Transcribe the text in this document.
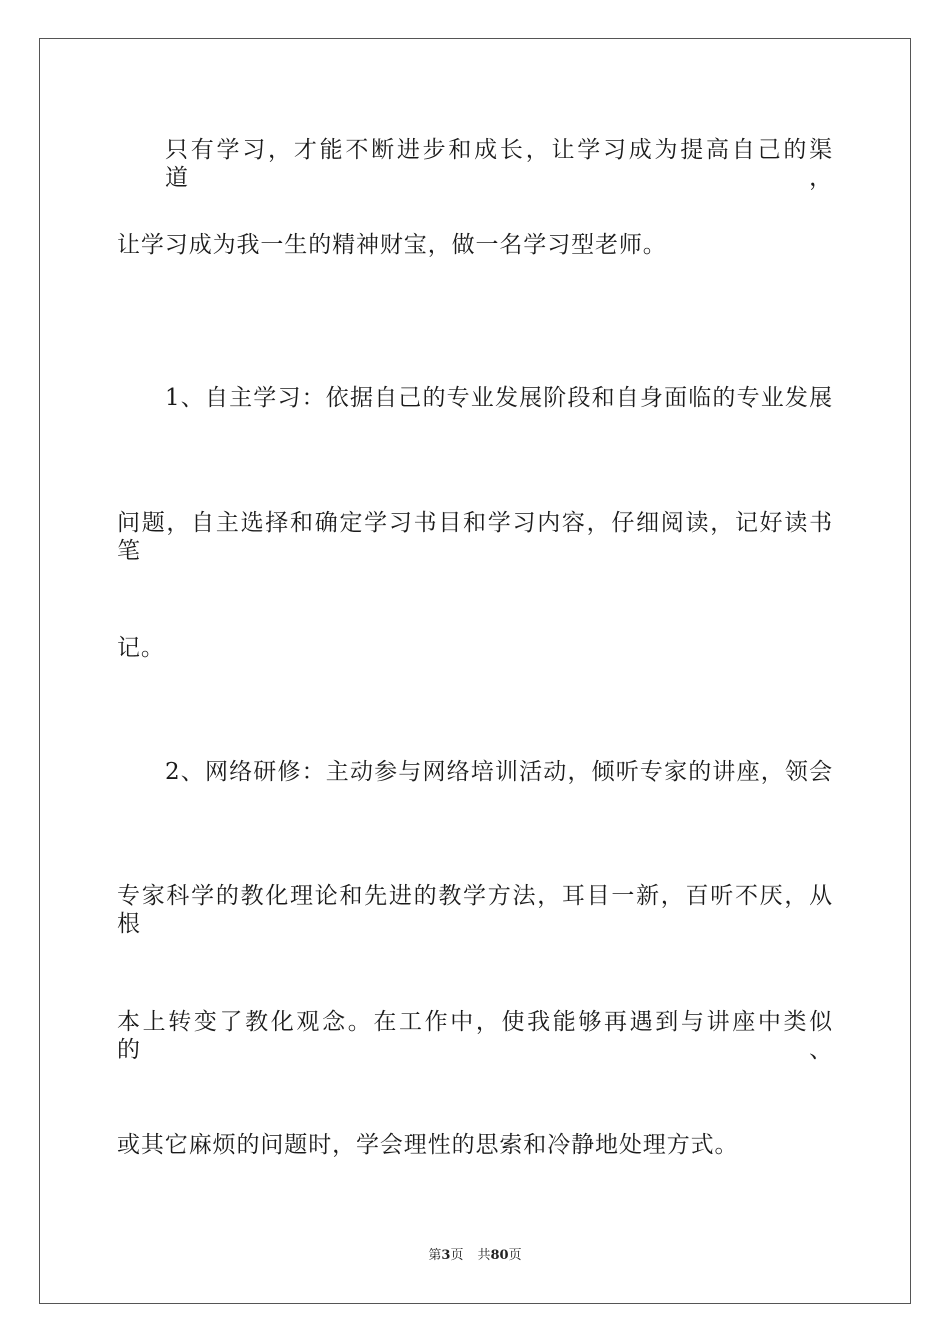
只有学习，才能不断进步和成长，让学习成为提高自己的渠道，
让学习成为我一生的精神财宝，做一名学习型老师。
1、自主学习：依据自己的专业发展阶段和自身面临的专业发展
问题，自主选择和确定学习书目和学习内容，仔细阅读，记好读书笔
记。
2、网络研修：主动参与网络培训活动，倾听专家的讲座，领会
专家科学的教化理论和先进的教学方法，耳目一新，百听不厌，从根
本上转变了教化观念。在工作中，使我能够再遇到与讲座中类似的、
或其它麻烦的问题时，学会理性的思索和冷静地处理方式。
第3页 共80页
